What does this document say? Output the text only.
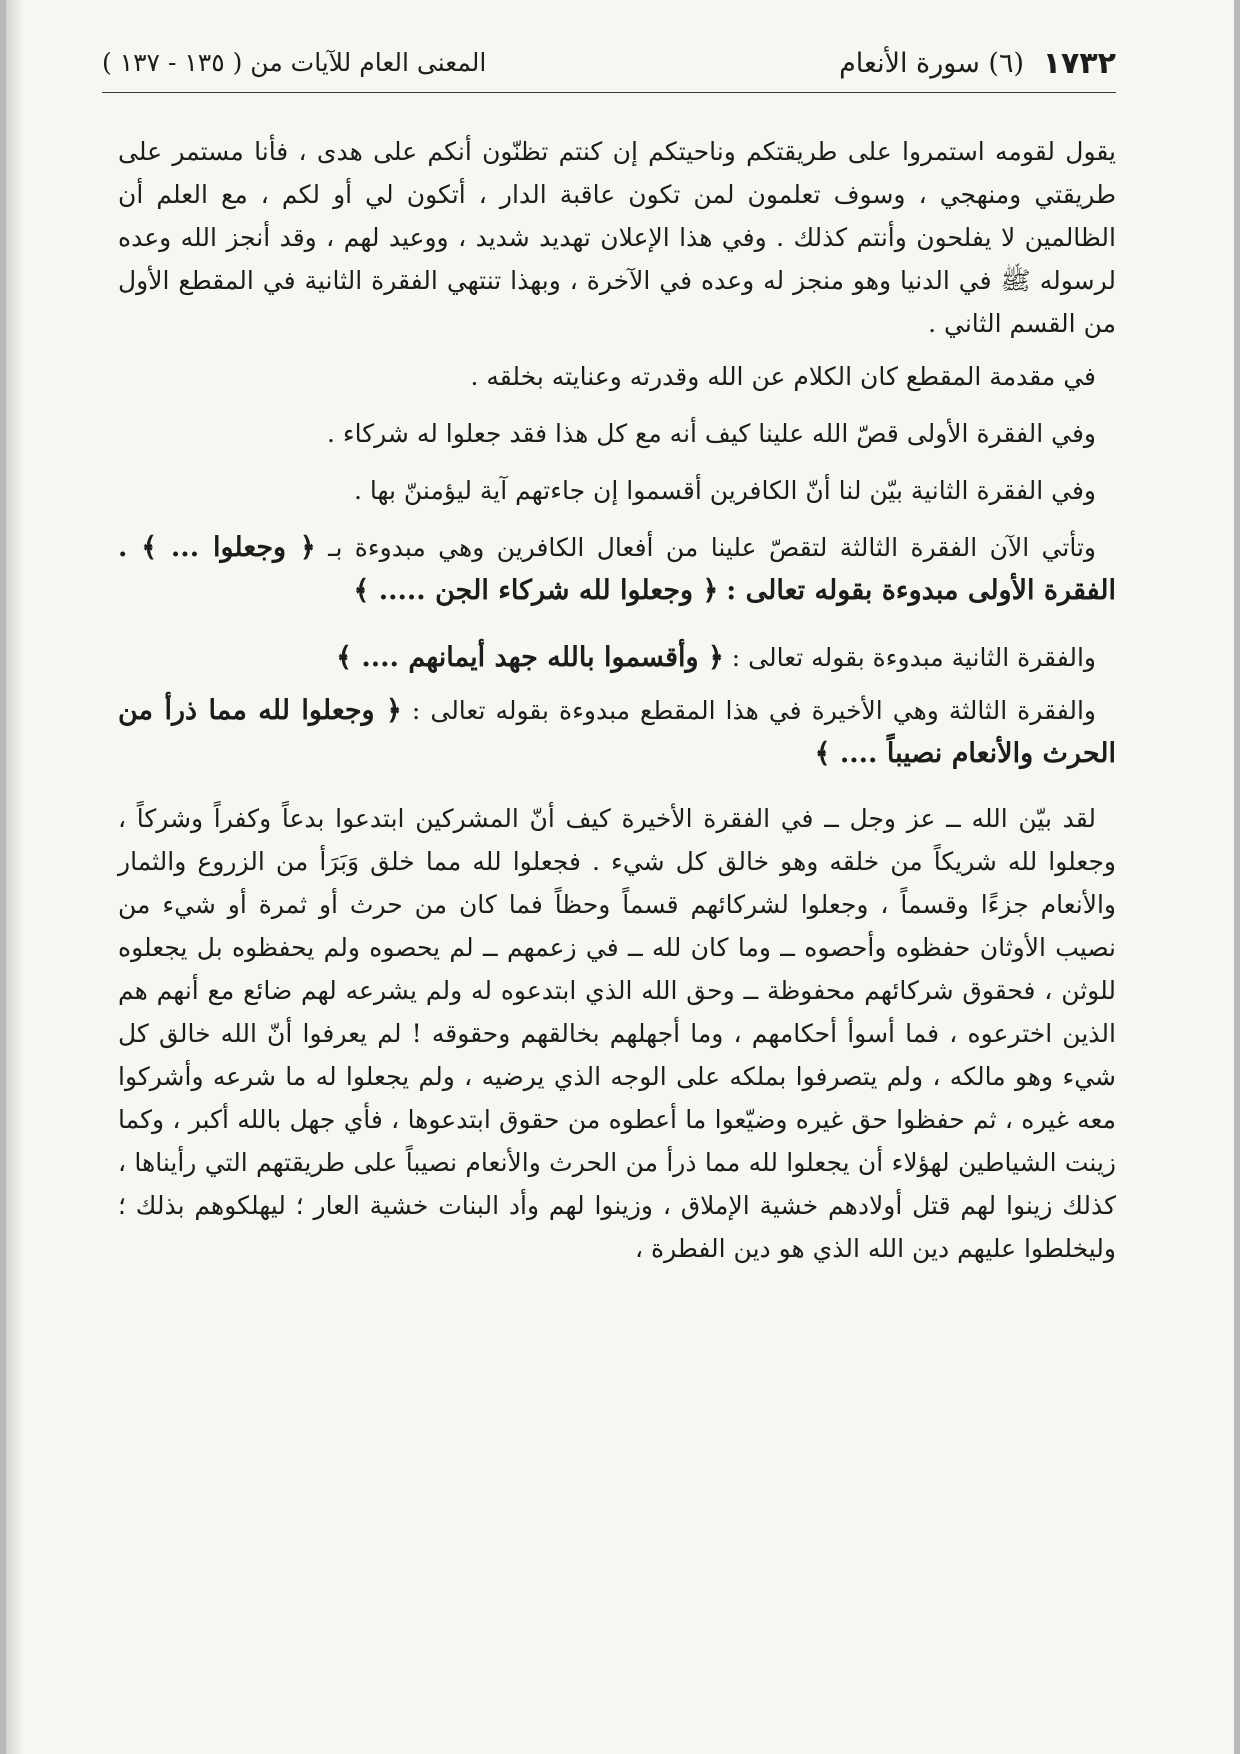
١٧٣٢
(٦) سورة الأنعام
المعنى العام للآيات من ( ١٣٥ - ١٣٧ )

يقول لقومه استمروا على طريقتكم وناحيتكم إن كنتم تظنّون أنكم على هدى ، فأنا مستمر على طريقتي ومنهجي ، وسوف تعلمون لمن تكون عاقبة الدار ، أتكون لي أو لكم ، مع العلم أن الظالمين لا يفلحون وأنتم كذلك . وفي هذا الإعلان تهديد شديد ، ووعيد لهم ، وقد أنجز الله وعده لرسوله ﷺ في الدنيا وهو منجز له وعده في الآخرة ، وبهذا تنتهي الفقرة الثانية في المقطع الأول من القسم الثاني .

في مقدمة المقطع كان الكلام عن الله وقدرته وعنايته بخلقه .

وفي الفقرة الأولى قصّ الله علينا كيف أنه مع كل هذا فقد جعلوا له شركاء .

وفي الفقرة الثانية بيّن لنا أنّ الكافرين أقسموا إن جاءتهم آية ليؤمننّ بها .

وتأتي الآن الفقرة الثالثة لتقصّ علينا من أفعال الكافرين وهي مبدوءة بـ ﴿ وجعلوا ... ﴾ . الفقرة الأولى مبدوءة بقوله تعالى : ﴿ وجعلوا لله شركاء الجن ..... ﴾

والفقرة الثانية مبدوءة بقوله تعالى : ﴿ وأقسموا بالله جهد أيمانهم .... ﴾

والفقرة الثالثة وهي الأخيرة في هذا المقطع مبدوءة بقوله تعالى : ﴿ وجعلوا لله مما ذرأ من الحرث والأنعام نصيباً .... ﴾

لقد بيّن الله ــ عز وجل ــ في الفقرة الأخيرة كيف أنّ المشركين ابتدعوا بدعاً وكفراً وشركاً ، وجعلوا لله شريكاً من خلقه وهو خالق كل شيء . فجعلوا لله مما خلق وَبَرَأ من الزروع والثمار والأنعام جزءًا وقسماً ، وجعلوا لشركائهم قسماً وحظاً فما كان من حرث أو ثمرة أو شيء من نصيب الأوثان حفظوه وأحصوه ــ وما كان لله ــ في زعمهم ــ لم يحصوه ولم يحفظوه بل يجعلوه للوثن ، فحقوق شركائهم محفوظة ــ وحق الله الذي ابتدعوه له ولم يشرعه لهم ضائع مع أنهم هم الذين اخترعوه ، فما أسوأ أحكامهم ، وما أجهلهم بخالقهم وحقوقه ! لم يعرفوا أنّ الله خالق كل شيء وهو مالكه ، ولم يتصرفوا بملكه على الوجه الذي يرضيه ، ولم يجعلوا له ما شرعه وأشركوا معه غيره ، ثم حفظوا حق غيره وضيّعوا ما أعطوه من حقوق ابتدعوها ، فأي جهل بالله أكبر ، وكما زينت الشياطين لهؤلاء أن يجعلوا لله مما ذرأ من الحرث والأنعام نصيباً على طريقتهم التي رأيناها ، كذلك زينوا لهم قتل أولادهم خشية الإملاق ، وزينوا لهم وأد البنات خشية العار ؛ ليهلكوهم بذلك ؛ وليخلطوا عليهم دين الله الذي هو دين الفطرة ،
